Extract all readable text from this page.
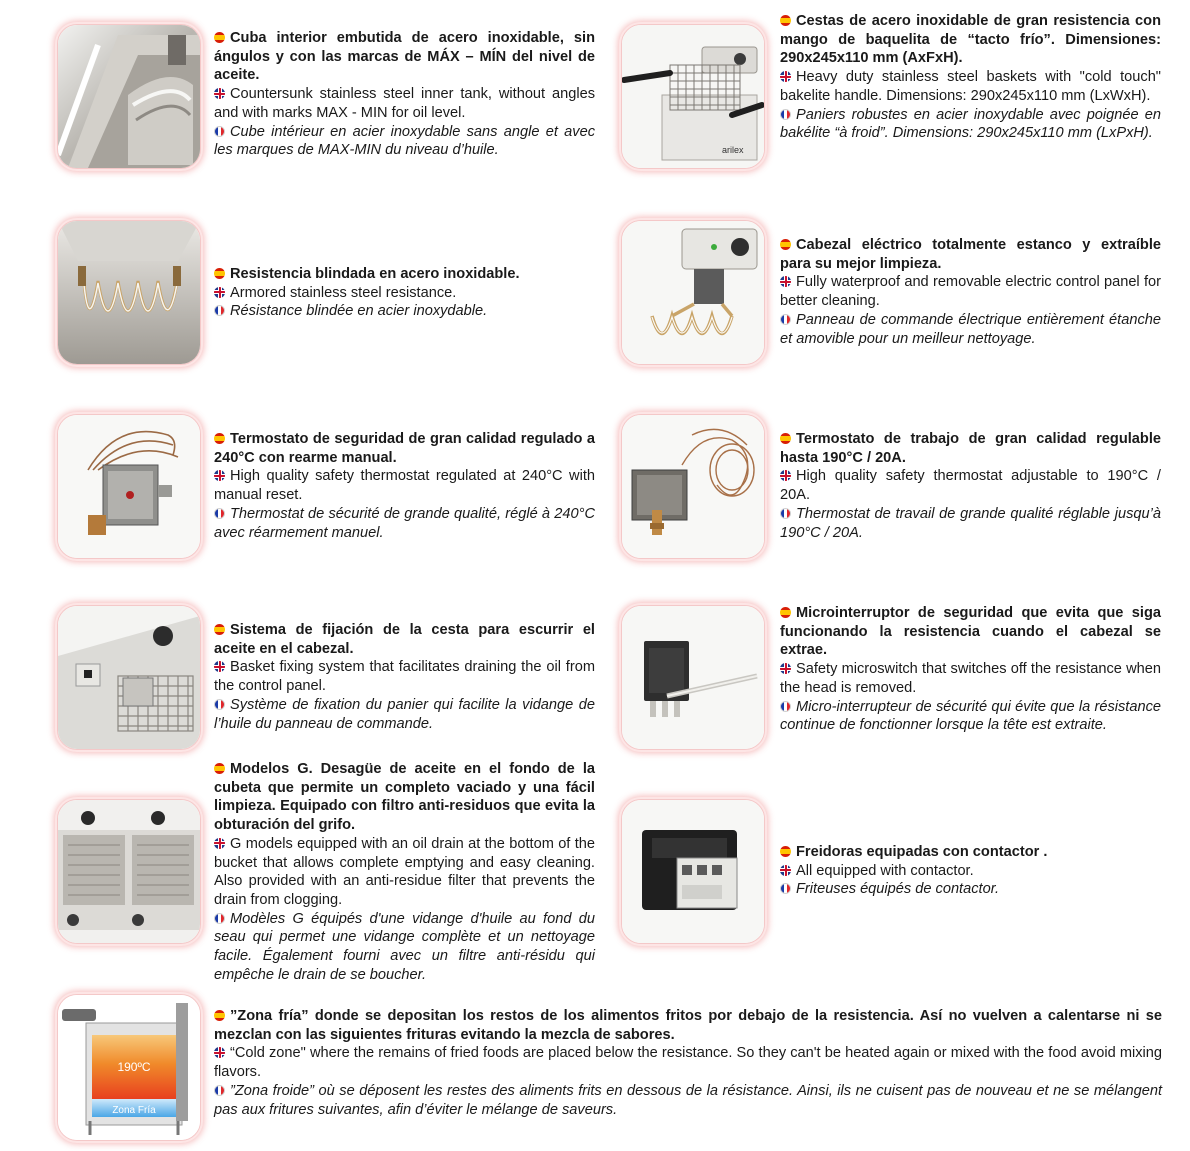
Cuba interior embutida de acero inoxidable, sin ángulos y con las marcas de MÁX – MÍN del nivel de aceite.

Countersunk stainless steel inner tank, without angles and with marks MAX - MIN for oil level.

Cube intérieur en acier inoxydable sans angle et avec les marques de MAX-MIN du niveau d’huile.	arilex

Cestas de acero inoxidable de gran resistencia con mango de baquelita de “tacto frío”. Dimensiones: 290x245x110 mm (AxFxH).

Heavy duty stainless steel baskets with "cold touch" bakelite handle. Dimensions: 290x245x110 mm (LxWxH).

Paniers robustes en acier inoxydable avec poignée en bakélite “à froid”. Dimensions: 290x245x110 mm (LxPxH).

Resistencia blindada en acero inoxidable.

Armored stainless steel resistance.

Résistance blindée en acier inoxydable.

Cabezal eléctrico totalmente estanco y extraíble para su mejor limpieza.

Fully waterproof and removable electric control panel for better cleaning.

Panneau de commande électrique entièrement étanche et amovible pour un meilleur nettoyage.

Termostato de seguridad de gran calidad regulado a 240°C con rearme manual.

High quality safety thermostat regulated at 240°C with manual reset.

Thermostat de sécurité de grande qualité, réglé à 240°C avec réarmement manuel.

Termostato de trabajo de gran calidad regulable hasta 190°C / 20A.

High quality safety thermostat adjustable to 190°C / 20A.

Thermostat de travail de grande qualité réglable jusqu’à 190°C / 20A.

Sistema de fijación de la cesta para escurrir el aceite en el cabezal.

Basket fixing system that facilitates draining the oil from the control panel.

Système de fixation du panier qui facilite la vidange de l’huile du panneau de commande.

Microinterruptor de seguridad que evita que siga funcionando la resistencia cuando el cabezal se extrae.

Safety microswitch that switches off the resistance when the head is removed.

Micro-interrupteur de sécurité qui évite que la résistance continue de fonctionner lorsque la tête est extraite.

Modelos G. Desagüe de aceite en el fondo de la cubeta que permite un completo vaciado y una fácil limpieza. Equipado con filtro anti-residuos que evita la obturación del grifo.

G models equipped with an oil drain at the bottom of the bucket that allows complete emptying and easy cleaning. Also provided with an anti-residue filter that prevents the drain from clogging.

Modèles G équipés d'une vidange d'huile au fond du seau qui permet une vidange complète et un nettoyage facile. Également fourni avec un filtre anti-résidu qui empêche le drain de se boucher.

Freidoras equipadas con contactor .

All equipped with contactor.

Friteuses équipés de contactor.

190ºC
Zona Fría

”Zona fría” donde se depositan los restos de los alimentos fritos por debajo de la resistencia. Así no vuelven a calentarse ni se mezclan con las siguientes frituras evitando la mezcla de sabores.

“Cold zone" where the remains of fried foods are placed below the resistance. So they can't be heated again or mixed with the food avoid mixing flavors.

”Zona froide” où se déposent les restes des aliments frits en dessous de la résistance. Ainsi, ils ne cuisent pas de nouveau et ne se mélangent pas aux fritures suivantes, afin d’éviter le mélange de saveurs.
